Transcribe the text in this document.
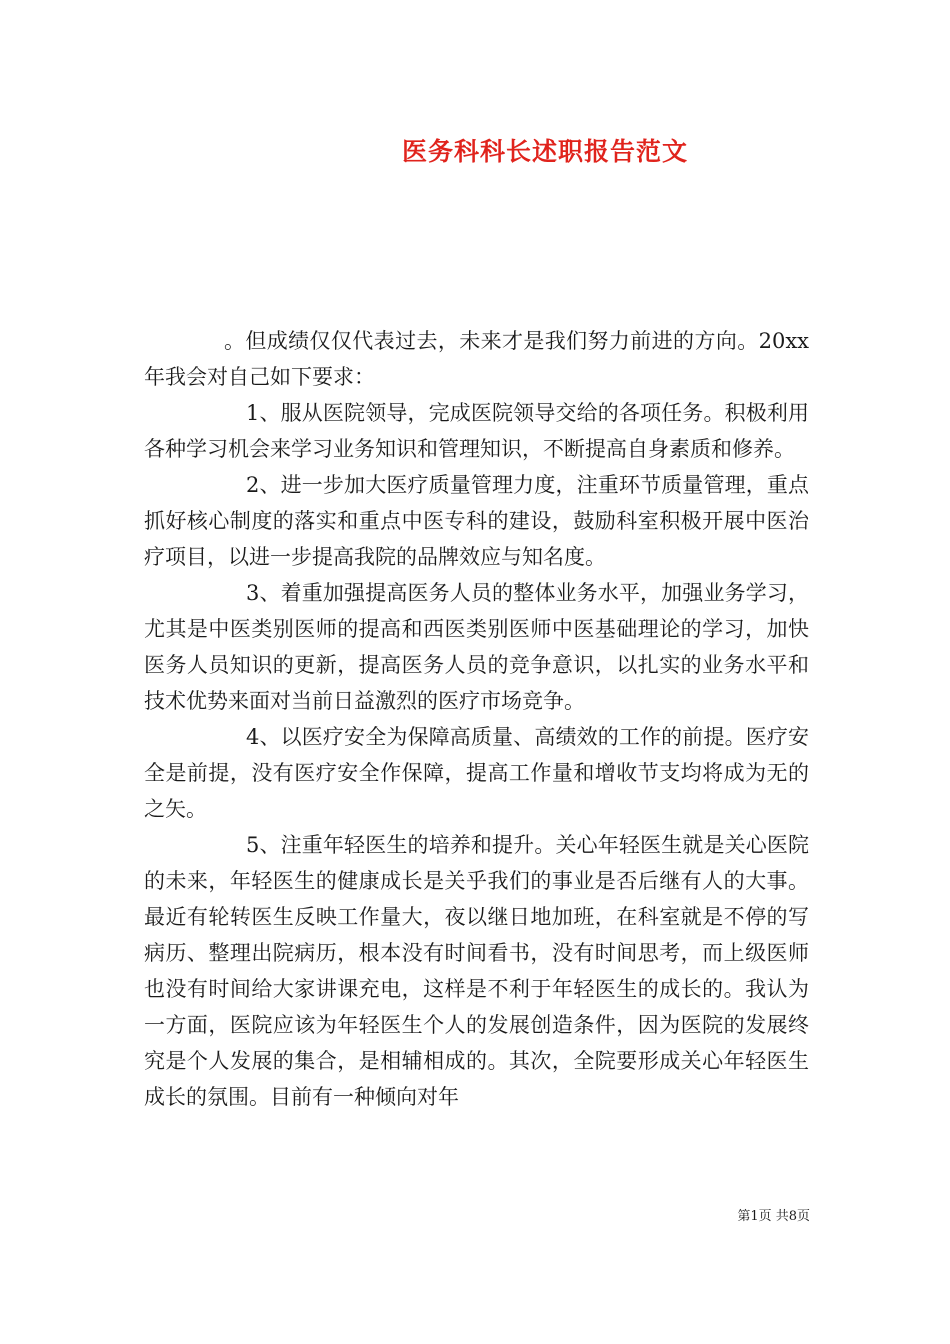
医务科科长述职报告范文

。但成绩仅仅代表过去，未来才是我们努力前进的方向。20xx年我会对自己如下要求：

1、服从医院领导，完成医院领导交给的各项任务。积极利用各种学习机会来学习业务知识和管理知识，不断提高自身素质和修养。

2、进一步加大医疗质量管理力度，注重环节质量管理，重点抓好核心制度的落实和重点中医专科的建设，鼓励科室积极开展中医治疗项目，以进一步提高我院的品牌效应与知名度。

3、着重加强提高医务人员的整体业务水平，加强业务学习，尤其是中医类别医师的提高和西医类别医师中医基础理论的学习，加快医务人员知识的更新，提高医务人员的竞争意识，以扎实的业务水平和技术优势来面对当前日益激烈的医疗市场竞争。

4、以医疗安全为保障高质量、高绩效的工作的前提。医疗安全是前提，没有医疗安全作保障，提高工作量和增收节支均将成为无的之矢。

5、注重年轻医生的培养和提升。关心年轻医生就是关心医院的未来，年轻医生的健康成长是关乎我们的事业是否后继有人的大事。最近有轮转医生反映工作量大，夜以继日地加班，在科室就是不停的写病历、整理出院病历，根本没有时间看书，没有时间思考，而上级医师也没有时间给大家讲课充电，这样是不利于年轻医生的成长的。我认为一方面，医院应该为年轻医生个人的发展创造条件，因为医院的发展终究是个人发展的集合，是相辅相成的。其次，全院要形成关心年轻医生成长的氛围。目前有一种倾向对年

第1页 共8页
